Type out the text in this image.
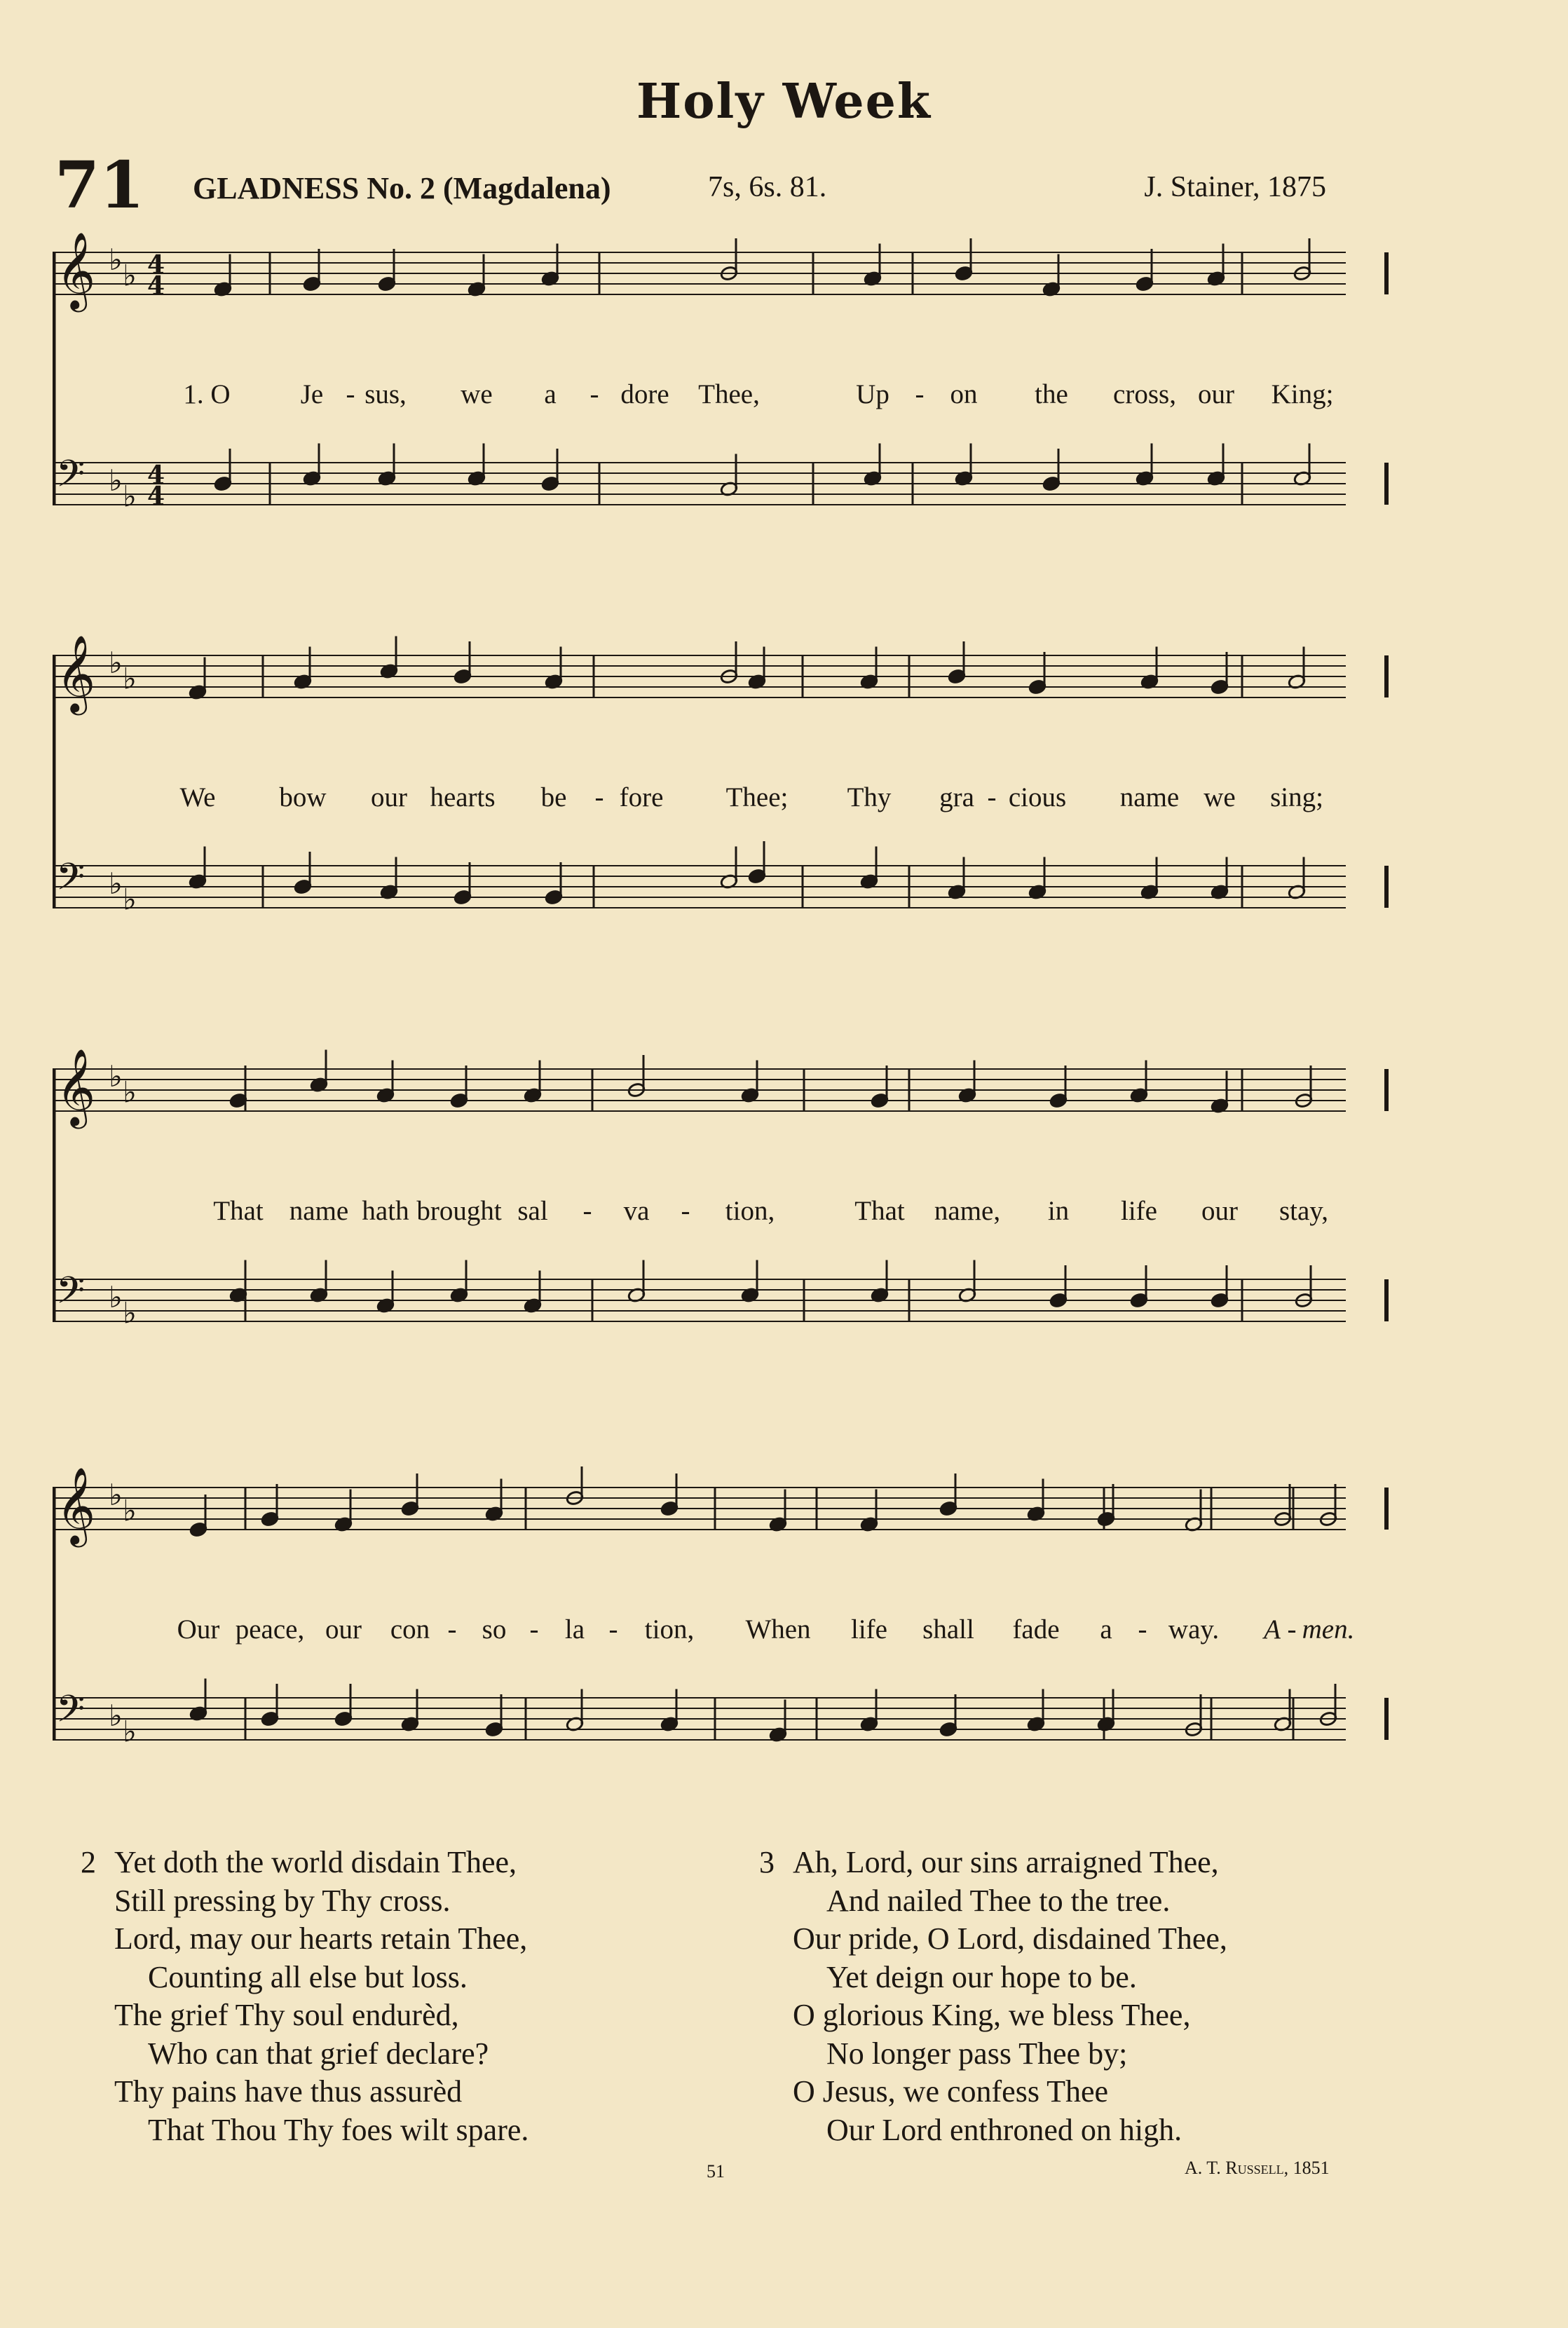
Holy Week
71 GLADNESS No. 2 (Magdalena)	7s, 6s. 81.	J. Stainer, 1875
𝄞 ♭ ♭
𝄢 ♭ ♭
4
4
4
4
1. O	Je - sus, we a - dore Thee,	Up - on the cross, our King;
𝄞 ♭ ♭
𝄢 ♭ ♭
We bow our hearts be - fore Thee; Thy gra - cious name we sing;
𝄞 ♭ ♭
𝄢 ♭ ♭
That name hath brought sal - va - tion,	That name, in life our stay,
𝄞 ♭ ♭
𝄢 ♭ ♭
Our peace, our con - so - la - tion, When life shall fade a - way. A - men.
2 Yet doth the world disdain Thee,
Still pressing by Thy cross.
Lord, may our hearts retain Thee,
Counting all else but loss.
The grief Thy soul endurèd,
Who can that grief declare?
Thy pains have thus assurèd
That Thou Thy foes wilt spare.
3 Ah, Lord, our sins arraigned Thee,
And nailed Thee to the tree.
Our pride, O Lord, disdained Thee,
Yet deign our hope to be.
O glorious King, we bless Thee,
No longer pass Thee by;
O Jesus, we confess Thee
Our Lord enthroned on high.
51	A. T. Russell, 1851
